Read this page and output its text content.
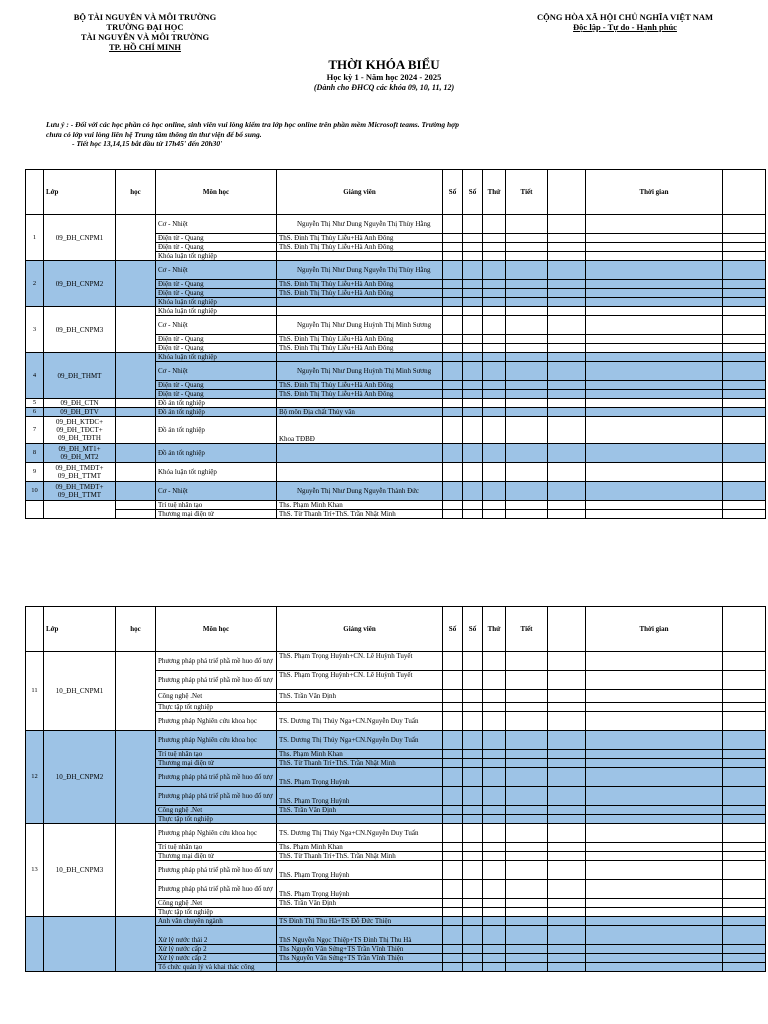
BỘ TÀI NGUYÊN VÀ MÔI TRƯỜNG
TRƯỜNG ĐẠI HỌC
TÀI NGUYÊN VÀ MÔI TRƯỜNG
TP. HỒ CHÍ MINH
CỘNG HÒA XÃ HỘI CHỦ NGHĨA VIỆT NAM
Độc lập - Tự do - Hạnh phúc
THỜI KHÓA BIỂU
Học kỳ 1 - Năm học 2024 - 2025
(Dành cho ĐHCQ các khóa 09, 10, 11, 12)
Lưu ý : - Đối với các học phần có học online, sinh viên vui lòng kiểm tra lớp học online trên phần mềm Microsoft teams. Trường hợp chưa có lớp vui lòng liên hệ Trung tâm thông tin thư viện để bổ sung.
- Tiết học 13,14,15 bắt đầu từ 17h45' đến 20h30'
	Lớp	học	Môn học	Giảng viên	Số	Số	Thứ	Tiết		Thời gian	
1	09_ĐH_CNPM1		Cơ - Nhiệt	Nguyễn Thị Như Dung Nguyễn Thị Thùy Hằng							
			Điện từ - Quang	ThS. Đinh Thị Thùy Liễu+Hà Anh Đông							
			Điện từ - Quang	ThS. Đinh Thị Thùy Liễu+Hà Anh Đông							
			Khóa luận tốt nghiệp								
2	09_ĐH_CNPM2		Cơ - Nhiệt	Nguyễn Thị Như Dung Nguyễn Thị Thùy Hằng							
			Điện từ - Quang	ThS. Đinh Thị Thùy Liễu+Hà Anh Đông							
			Điện từ - Quang	ThS. Đinh Thị Thùy Liễu+Hà Anh Đông							
			Khóa luận tốt nghiệp								
3	09_ĐH_CNPM3		Khóa luận tốt nghiệp								
			Cơ - Nhiệt	Nguyễn Thị Như Dung Huỳnh Thị Minh Sương							
			Điện từ - Quang	ThS. Đinh Thị Thùy Liễu+Hà Anh Đông							
			Điện từ - Quang	ThS. Đinh Thị Thùy Liễu+Hà Anh Đông							
4	09_ĐH_THMT		Khóa luận tốt nghiệp								
			Cơ - Nhiệt	Nguyễn Thị Như Dung Huỳnh Thị Minh Sương							
			Điện từ - Quang	ThS. Đinh Thị Thùy Liễu+Hà Anh Đông							
			Điện từ - Quang	ThS. Đinh Thị Thùy Liễu+Hà Anh Đông							
5	09_ĐH_CTN		Đồ án tốt nghiệp								
6	09_ĐH_ĐTV		Đồ án tốt nghiệp	Bộ môn Địa chất Thủy văn							
7	09_ĐH_KTĐC+ 09_ĐH_TĐCT+ 09_ĐH_TĐTH		Đồ án tốt nghiệp	Khoa TĐBĐ							
8	09_ĐH_MT1+ 09_ĐH_MT2		Đồ án tốt nghiệp								
9	09_ĐH_TMĐT+ 09_ĐH_TTMT		Khóa luận tốt nghiệp								
10	09_ĐH_TMĐT+ 09_ĐH_TTMT		Cơ - Nhiệt	Nguyễn Thị Như Dung Nguyễn Thành Đức							
			Trí tuệ nhân tạo	Ths. Phạm Minh Khan							
			Thương mại điện tử	ThS. Từ Thanh Trí+ThS. Trần Nhật Minh							
	Lớp	học	Môn học	Giảng viên	Số	Số	Thứ	Tiết		Thời gian	
11	10_ĐH_CNPM1		Phương pháp phá triể phầ mề huo đố tượ	ThS. Phạm Trọng Huỳnh+CN. Lê Huỳnh Tuyết							
			Phương pháp phá triể phầ mề huo đố tượ	ThS. Phạm Trọng Huỳnh+CN. Lê Huỳnh Tuyết							
			Công nghệ .Net	ThS. Trần Văn Định							
			Thực tập tốt nghiệp								
			Phương pháp Nghiên cứu khoa học	TS. Dương Thị Thúy Nga+CN.Nguyễn Duy Tuấn							
12	10_ĐH_CNPM2		Phương pháp Nghiên cứu khoa học	TS. Dương Thị Thúy Nga+CN.Nguyễn Duy Tuấn							
			Trí tuệ nhân tạo	Ths. Phạm Minh Khan							
			Thương mại điện tử	ThS. Từ Thanh Trí+ThS. Trần Nhật Minh							
			Phương pháp phá triể phầ mề huo đố tượ	ThS. Phạm Trọng Huỳnh							
			Phương pháp phá triể phầ mề huo đố tượ	ThS. Phạm Trọng Huỳnh							
			Công nghệ .Net	ThS. Trần Văn Định							
			Thực tập tốt nghiệp								
13	10_ĐH_CNPM3		Phương pháp Nghiên cứu khoa học	TS. Dương Thị Thúy Nga+CN.Nguyễn Duy Tuấn							
			Trí tuệ nhân tạo	Ths. Phạm Minh Khan							
			Thương mại điện tử	ThS. Từ Thanh Trí+ThS. Trần Nhật Minh							
			Phương pháp phá triể phầ mề huo đố tượ	ThS. Phạm Trọng Huỳnh							
			Phương pháp phá triể phầ mề huo đố tượ	ThS. Phạm Trọng Huỳnh							
			Công nghệ .Net	ThS. Trần Văn Định							
			Thực tập tốt nghiệp								
			Anh văn chuyên ngành	TS Đinh Thị Thu Hà+TS Đỗ Đức Thiện							
			Xử lý nước thải 2	ThS Nguyễn Ngọc Thiệp+TS Đinh Thị Thu Hà							
			Xử lý nước cấp 2	Ths Nguyễn Văn Sứng+TS Trần Vĩnh Thiện							
			Xử lý nước cấp 2	Ths Nguyễn Văn Sứng+TS Trần Vĩnh Thiện							
			Tổ chức quản lý và khai thác công								
